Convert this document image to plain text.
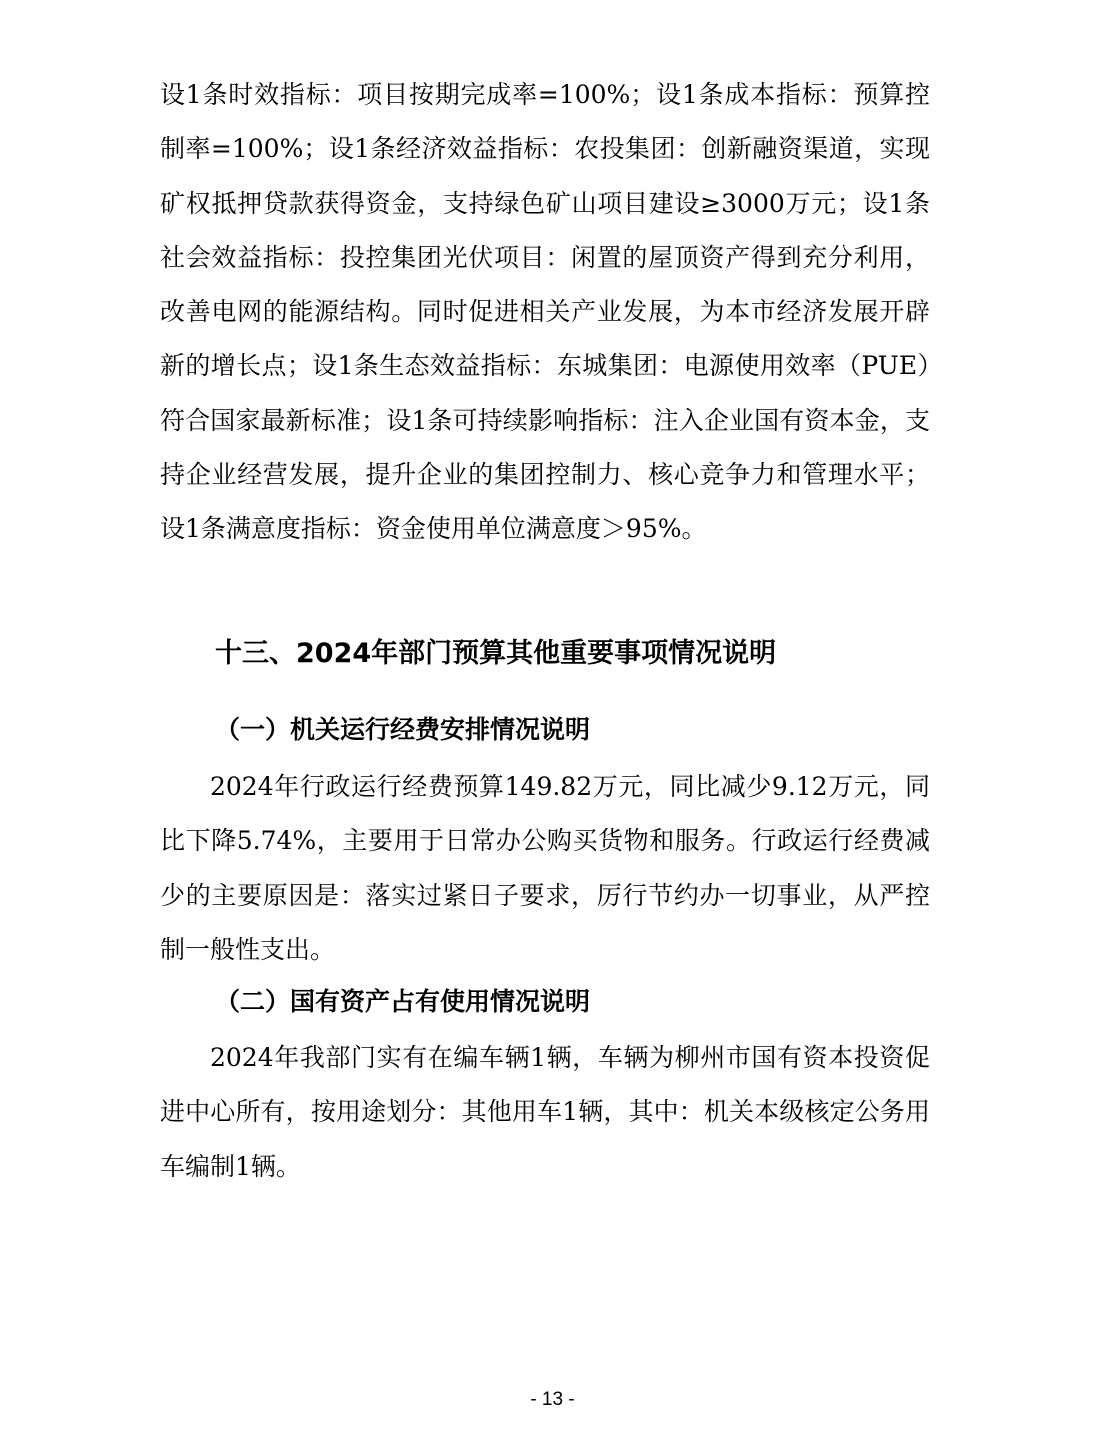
设1条时效指标：项目按期完成率=100%；设1条成本指标：预算控制率=100%；设1条经济效益指标：农投集团：创新融资渠道，实现矿权抵押贷款获得资金，支持绿色矿山项目建设≥3000万元；设1条社会效益指标：投控集团光伏项目：闲置的屋顶资产得到充分利用，改善电网的能源结构。同时促进相关产业发展，为本市经济发展开辟新的增长点；设1条生态效益指标：东城集团：电源使用效率（PUE）符合国家最新标准；设1条可持续影响指标：注入企业国有资本金，支持企业经营发展，提升企业的集团控制力、核心竞争力和管理水平；设1条满意度指标：资金使用单位满意度＞95%。

十三、2024年部门预算其他重要事项情况说明
（一）机关运行经费安排情况说明

2024年行政运行经费预算149.82万元，同比减少9.12万元，同比下降5.74%，主要用于日常办公购买货物和服务。行政运行经费减少的主要原因是：落实过紧日子要求，厉行节约办一切事业，从严控制一般性支出。

（二）国有资产占有使用情况说明

2024年我部门实有在编车辆1辆，车辆为柳州市国有资本投资促进中心所有，按用途划分：其他用车1辆，其中：机关本级核定公务用车编制1辆。

- 13 -
